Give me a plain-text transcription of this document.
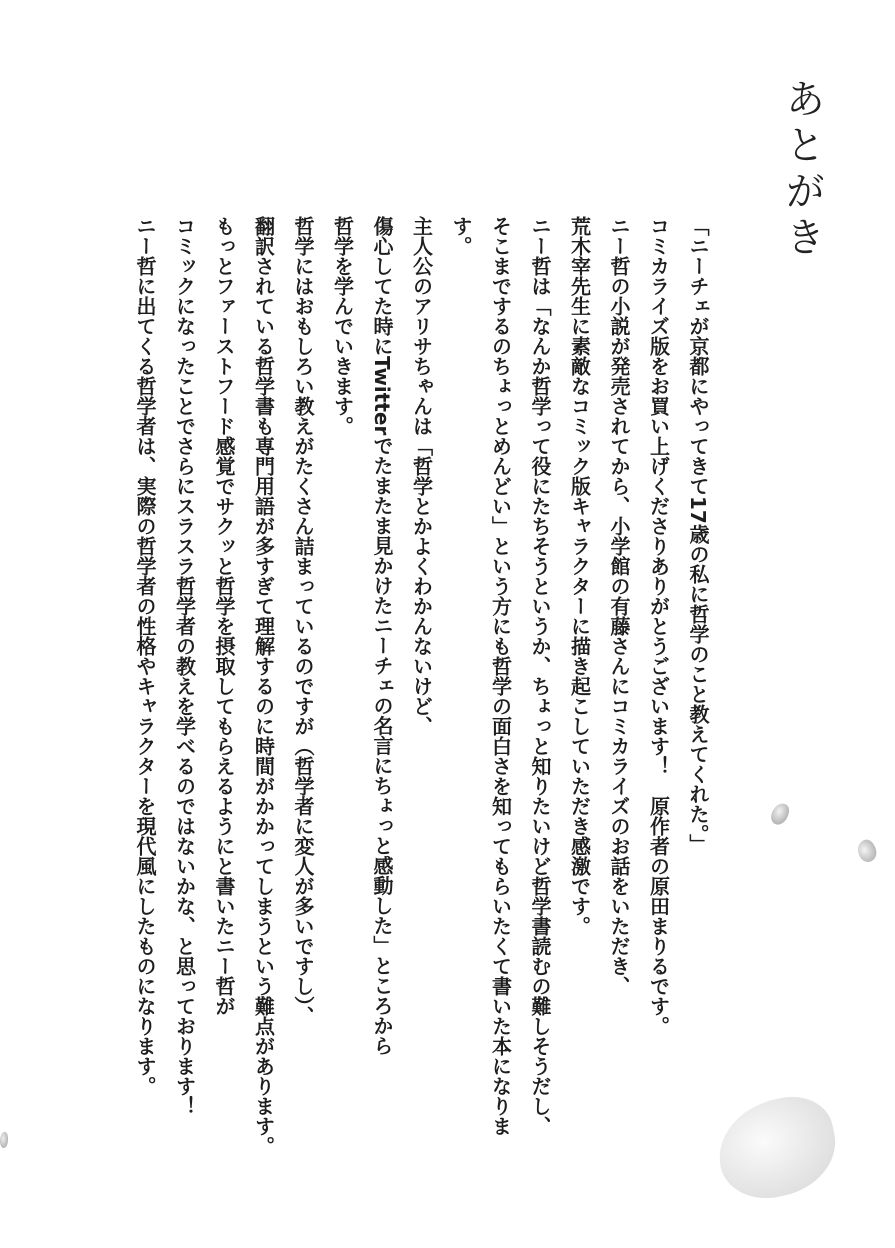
あとがき

「ニーチェが京都にやってきて17歳の私に哲学のこと教えてくれた。」

コミカライズ版をお買い上げくださりありがとうございます！　原作者の原田まりるです。

ニー哲の小説が発売されてから、小学館の有藤さんにコミカライズのお話をいただき、

荒木宰先生に素敵なコミック版キャラクターに描き起こしていただき感激です。

ニー哲は「なんか哲学って役にたちそうというか、ちょっと知りたいけど哲学書読むの難しそうだし、

そこまでするのちょっとめんどい」という方にも哲学の面白さを知ってもらいたくて書いた本になります。

主人公のアリサちゃんは「哲学とかよくわかんないけど、

傷心してた時にTwitterでたまたま見かけたニーチェの名言にちょっと感動した」ところから

哲学を学んでいきます。

哲学にはおもしろい教えがたくさん詰まっているのですが（哲学者に変人が多いですし）、

翻訳されている哲学書も専門用語が多すぎて理解するのに時間がかかってしまうという難点があります。

もっとファーストフード感覚でサクッと哲学を摂取してもらえるようにと書いたニー哲が

コミックになったことでさらにスラスラ哲学者の教えを学べるのではないかな、と思っております！

ニー哲に出てくる哲学者は、実際の哲学者の性格やキャラクターを現代風にしたものになります。
